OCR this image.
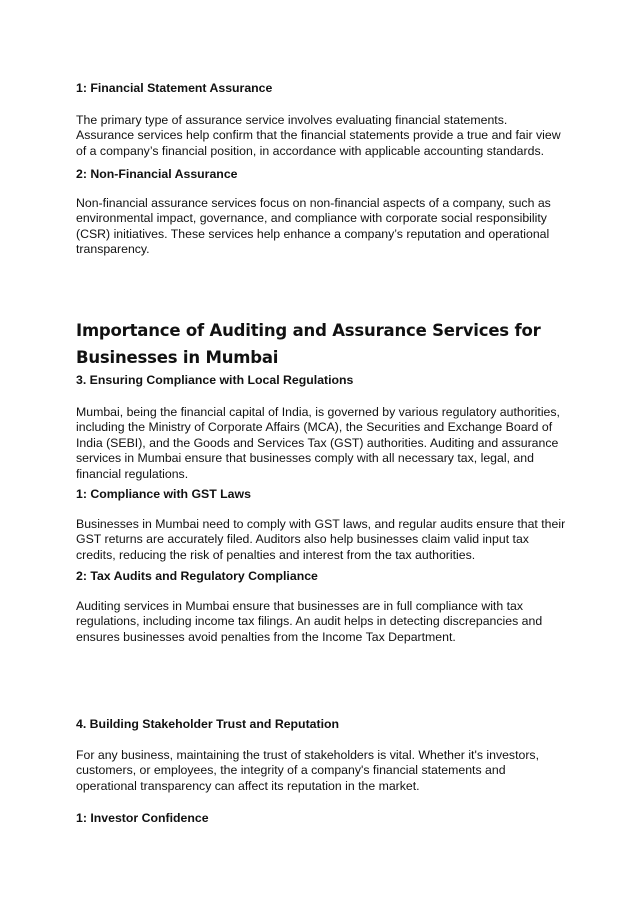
1: Financial Statement Assurance
The primary type of assurance service involves evaluating financial statements. Assurance services help confirm that the financial statements provide a true and fair view of a company’s financial position, in accordance with applicable accounting standards.
2: Non-Financial Assurance
Non-financial assurance services focus on non-financial aspects of a company, such as environmental impact, governance, and compliance with corporate social responsibility (CSR) initiatives. These services help enhance a company’s reputation and operational transparency.
Importance of Auditing and Assurance Services for Businesses in Mumbai
3. Ensuring Compliance with Local Regulations
Mumbai, being the financial capital of India, is governed by various regulatory authorities, including the Ministry of Corporate Affairs (MCA), the Securities and Exchange Board of India (SEBI), and the Goods and Services Tax (GST) authorities. Auditing and assurance services in Mumbai ensure that businesses comply with all necessary tax, legal, and financial regulations.
1: Compliance with GST Laws
Businesses in Mumbai need to comply with GST laws, and regular audits ensure that their GST returns are accurately filed. Auditors also help businesses claim valid input tax credits, reducing the risk of penalties and interest from the tax authorities.
2: Tax Audits and Regulatory Compliance
Auditing services in Mumbai ensure that businesses are in full compliance with tax regulations, including income tax filings. An audit helps in detecting discrepancies and ensures businesses avoid penalties from the Income Tax Department.
4. Building Stakeholder Trust and Reputation
For any business, maintaining the trust of stakeholders is vital. Whether it's investors, customers, or employees, the integrity of a company's financial statements and operational transparency can affect its reputation in the market.
1: Investor Confidence
